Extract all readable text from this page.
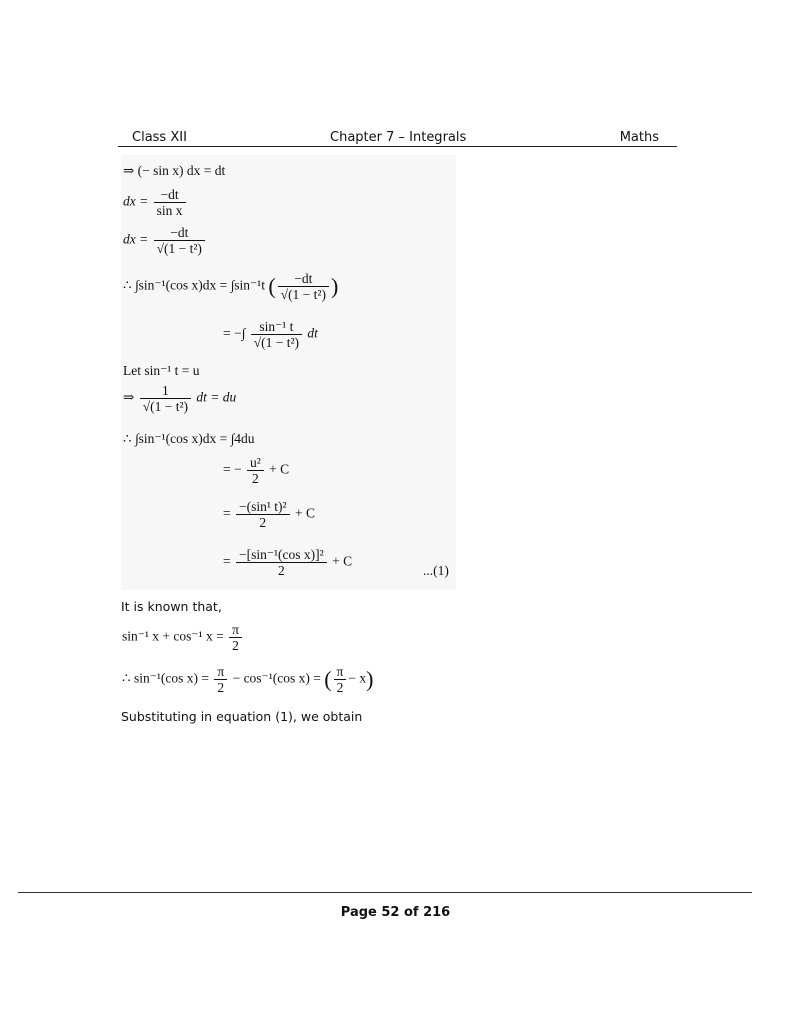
Class XII	Chapter 7 – Integrals	Maths
⇒ (− sin x) dx = dt
dx = $\frac{-dt}{\text{sin x}}$
dx = $\frac{-dt}{\text{√(1 − t²)}}$
∴ ∫sin⁻¹(cos x)dx = ∫sin⁻¹t ( $\frac{-dt}{\text{√(1 − t²)}}$ )
= −∫ $\frac{\text{sin⁻¹ t}}{\text{√(1 − t²)}}$ dt
Let sin⁻¹ t = u
⇒ $\frac{1}{\text{√(1 − t²)}}$ dt = du
∴ ∫sin⁻¹(cos x)dx = ∫4du
= − $\frac{\text{u²}}{2} + C$
= $\frac{\text{−(sin¹ t)²}}{2} + C$
= $\frac{\text{−[sin⁻¹(cos x)]²}}{2} + C$
...(1)
It is known that,
sin⁻¹ x + cos⁻¹ $x = \frac{\pi}{2}$
∴ sin⁻¹(cos $x) = \frac{\pi}{2} - \cos^{-1}(\cos$ x) = ( $\frac{\pi}{2} - x$)
Substituting in equation (1), we obtain
Page 52 of 216
